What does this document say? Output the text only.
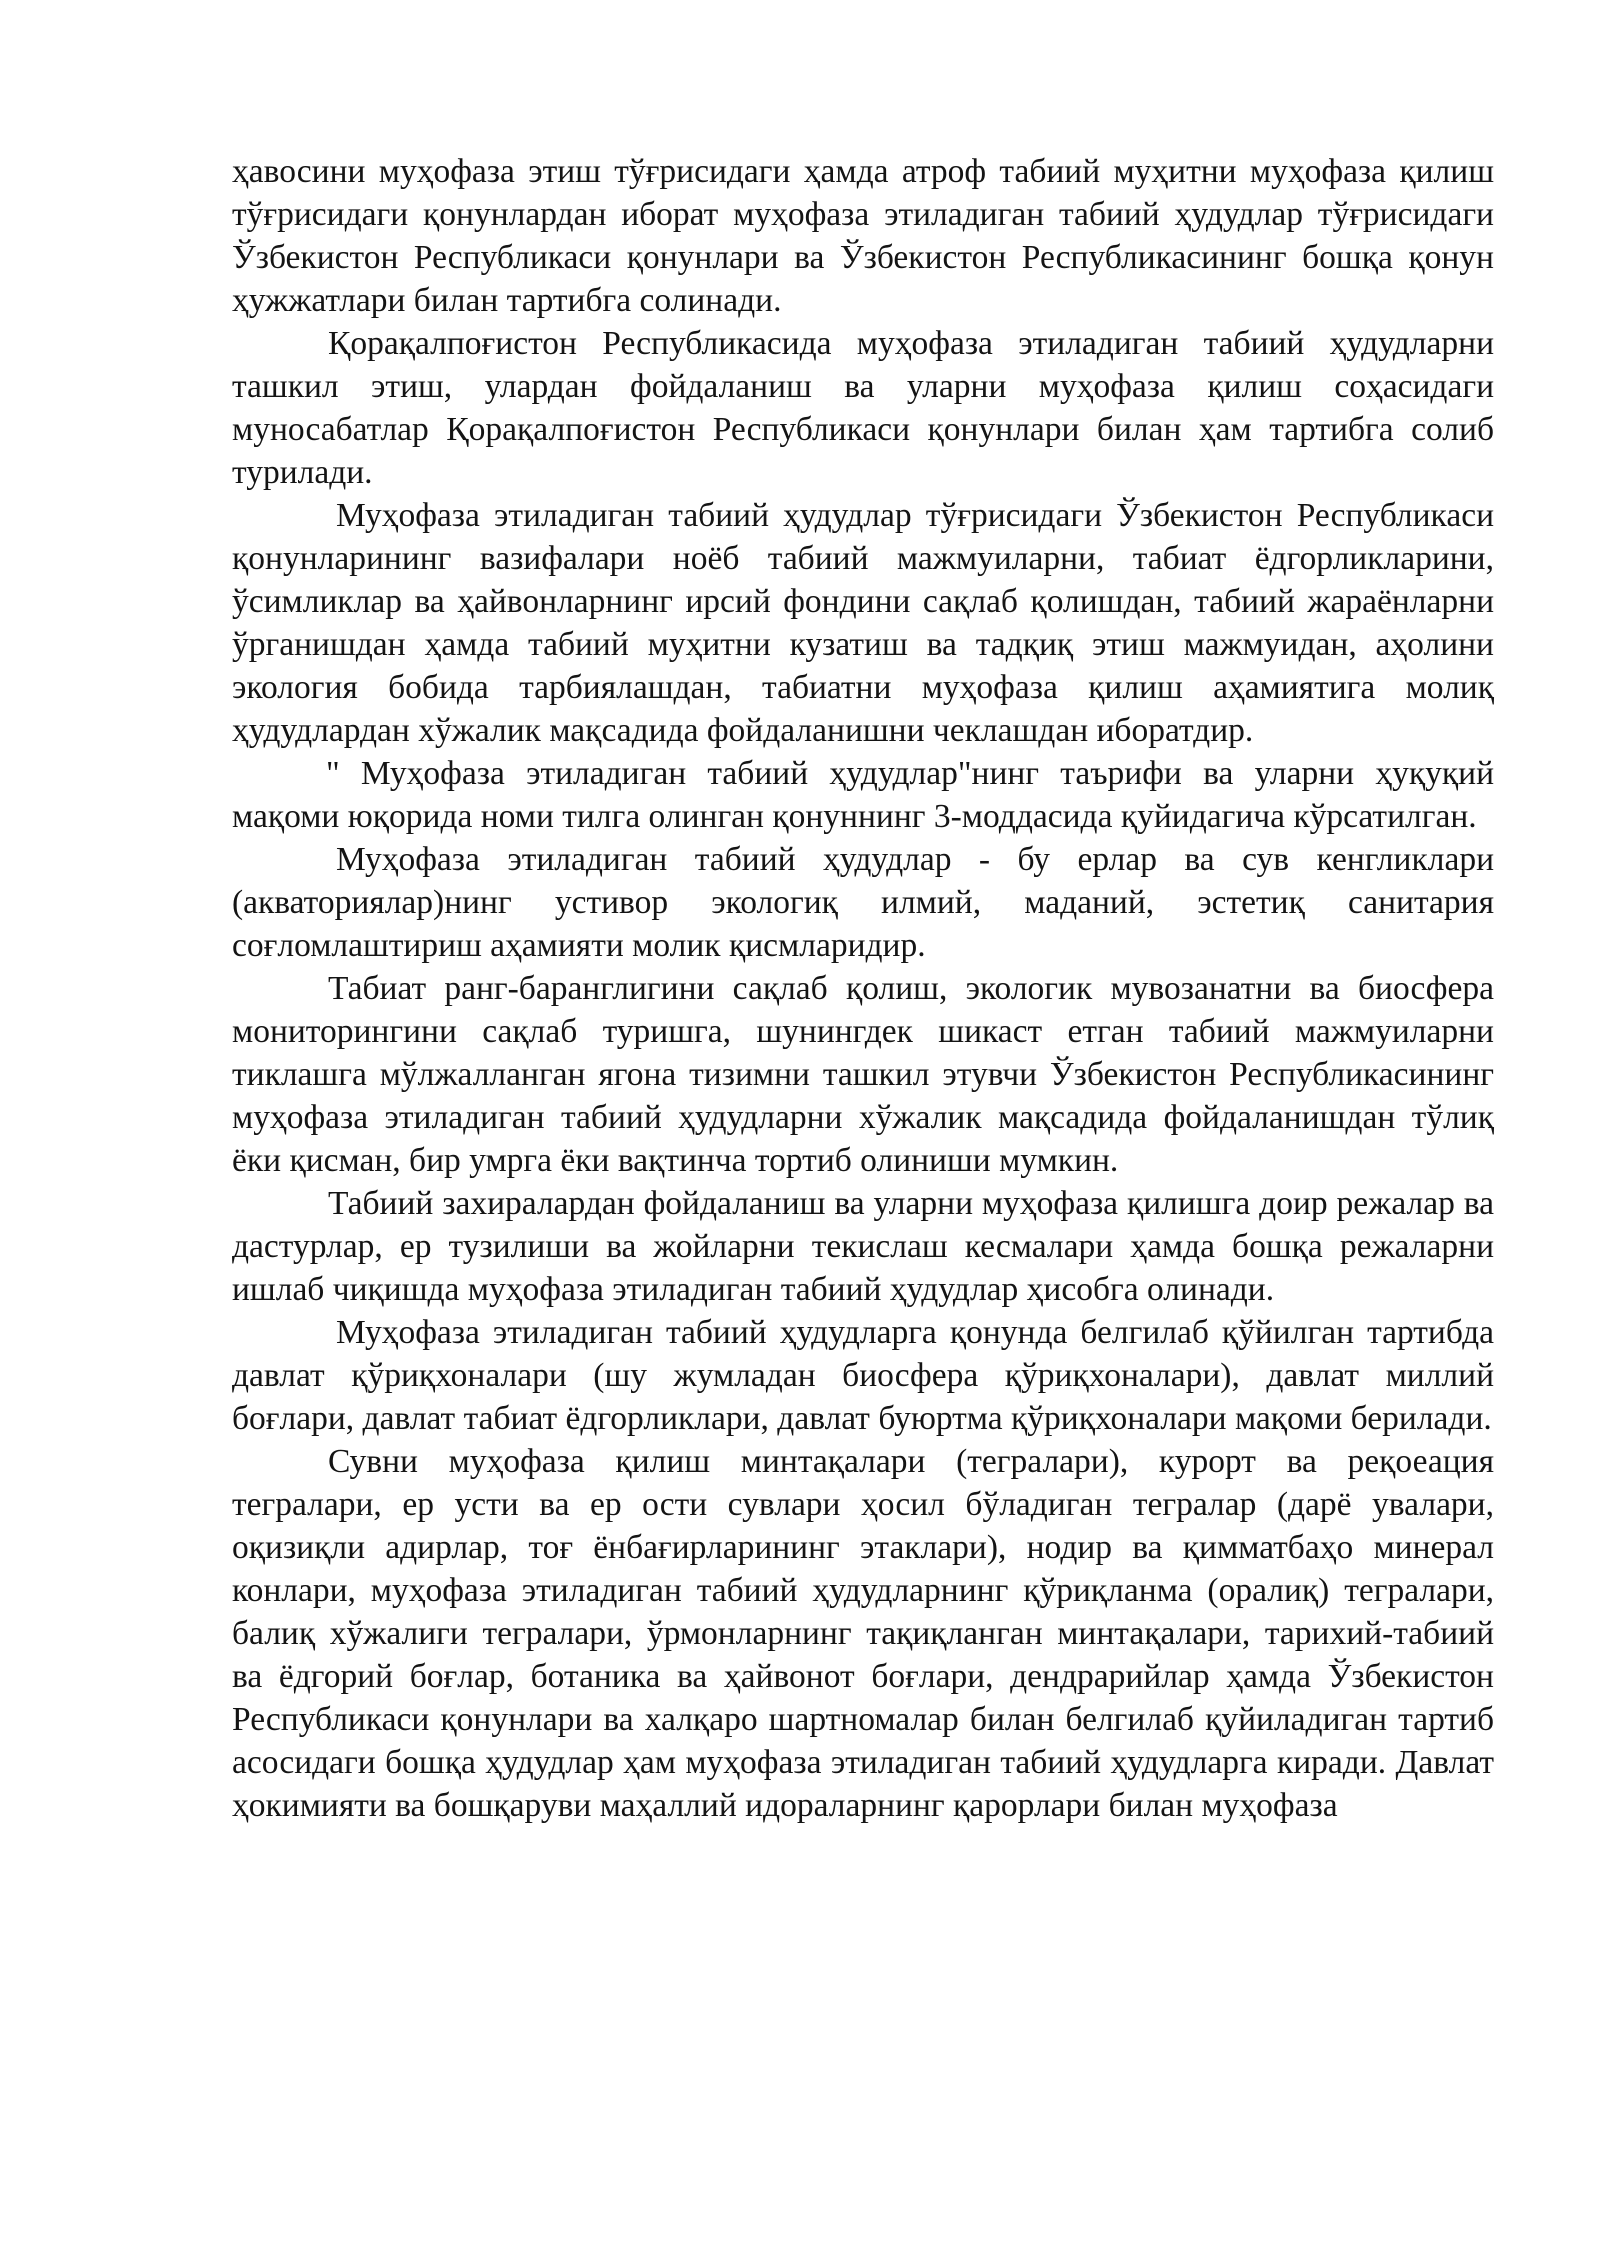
ҳавосини муҳофаза этиш тўғрисидаги ҳамда атроф табиий муҳитни муҳофаза қилиш тўғрисидаги қонунлардан иборат муҳофаза этиладиган табиий ҳудудлар тўғрисидаги Ўзбекистон Республикаси қонунлари ва Ўзбекистон Республикасининг бошқа қонун ҳужжатлари билан тартибга солинади.

Қорақалпоғистон Республикасида муҳофаза этиладиган табиий ҳудудларни ташкил этиш, улардан фойдаланиш ва уларни муҳофаза қилиш соҳасидаги муносабатлар Қорақалпоғистон Республикаси қонунлари билан ҳам тартибга солиб турилади.

Муҳофаза этиладиган табиий ҳудудлар тўғрисидаги Ўзбекистон Республикаси қонунларининг вазифалари ноёб табиий мажмуиларни, табиат ёдгорликларини, ўсимликлар ва ҳайвонларнинг ирсий фондини сақлаб қолишдан, табиий жараёнларни ўрганишдан ҳамда табиий муҳитни кузатиш ва тадқиқ этиш мажмуидан, аҳолини экология бобида тарбиялашдан, табиатни муҳофаза қилиш аҳамиятига молиқ ҳудудлардан хўжалик мақсадида фойдаланишни чеклашдан иборатдир.

" Муҳофаза этиладиган табиий ҳудудлар"нинг таърифи ва уларни ҳуқуқий мақоми юқорида номи тилга олинган қонуннинг 3-моддасида қуйидагича кўрсатилган.

Муҳофаза этиладиган табиий ҳудудлар - бу ерлар ва сув кенгликлари (акваториялар)нинг устивор экологиқ илмий, маданий, эстетиқ санитария соғломлаштириш аҳамияти молик қисмларидир.

Табиат ранг-баранглигини сақлаб қолиш, экологик мувозанатни ва биосфера мониторингини сақлаб туришга, шунингдек шикаст етган табиий мажмуиларни тиклашга мўлжалланган ягона тизимни ташкил этувчи Ўзбекистон Республикасининг муҳофаза этиладиган табиий ҳудудларни хўжалик мақсадида фойдаланишдан тўлиқ ёки қисман, бир умрга ёки вақтинча тортиб олиниши мумкин.

Табиий захиралардан фойдаланиш ва уларни муҳофаза қилишга доир режалар ва дастурлар, ер тузилиши ва жойларни текислаш кесмалари ҳамда бошқа режаларни ишлаб чиқишда муҳофаза этиладиган табиий ҳудудлар ҳисобга олинади.

Муҳофаза этиладиган табиий ҳудудларга қонунда белгилаб қўйилган тартибда давлат қўриқхоналари (шу жумладан биосфера қўриқхоналари), давлат миллий боғлари, давлат табиат ёдгорликлари, давлат буюртма қўриқхоналари мақоми берилади.

Сувни муҳофаза қилиш минтақалари (тегралари), курорт ва реқоеация тегралари, ер усти ва ер ости сувлари ҳосил бўладиган тегралар (дарё увалари, оқизиқли адирлар, тоғ ёнбағирларининг этаклари), нодир ва қимматбаҳо минерал конлари, муҳофаза этиладиган табиий ҳудудларнинг қўриқланма (оралиқ) тегралари, балиқ хўжалиги тегралари, ўрмонларнинг тақиқланган минтақалари, тарихий-табиий ва ёдгорий боғлар, ботаника ва ҳайвонот боғлари, дендрарийлар ҳамда Ўзбекистон Республикаси қонунлари ва халқаро шартномалар билан белгилаб қуйиладиган тартиб асосидаги бошқа ҳудудлар ҳам муҳофаза этиладиган табиий ҳудудларга киради. Давлат ҳокимияти ва бошқаруви маҳаллий идораларнинг қарорлари билан муҳофаза
